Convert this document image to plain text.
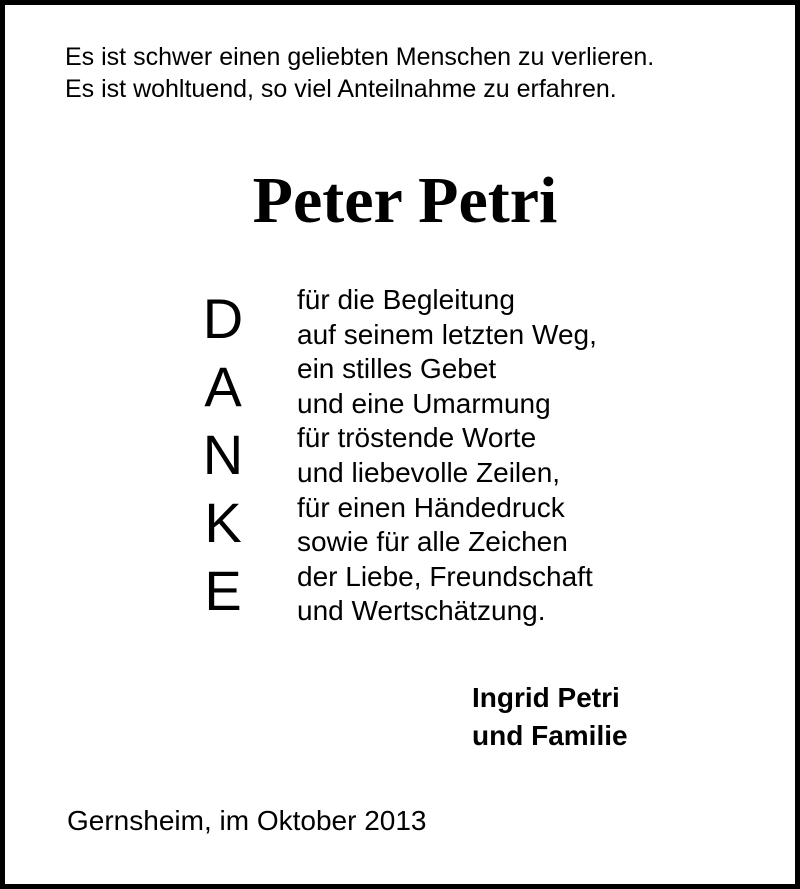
Es ist schwer einen geliebten Menschen zu verlieren.
Es ist wohltuend, so viel Anteilnahme zu erfahren.
Peter Petri
D
A
N
K
E
für die Begleitung
auf seinem letzten Weg,
ein stilles Gebet
und eine Umarmung
für tröstende Worte
und liebevolle Zeilen,
für einen Händedruck
sowie für alle Zeichen
der Liebe, Freundschaft
und Wertschätzung.
Ingrid Petri
und Familie
Gernsheim, im Oktober 2013
